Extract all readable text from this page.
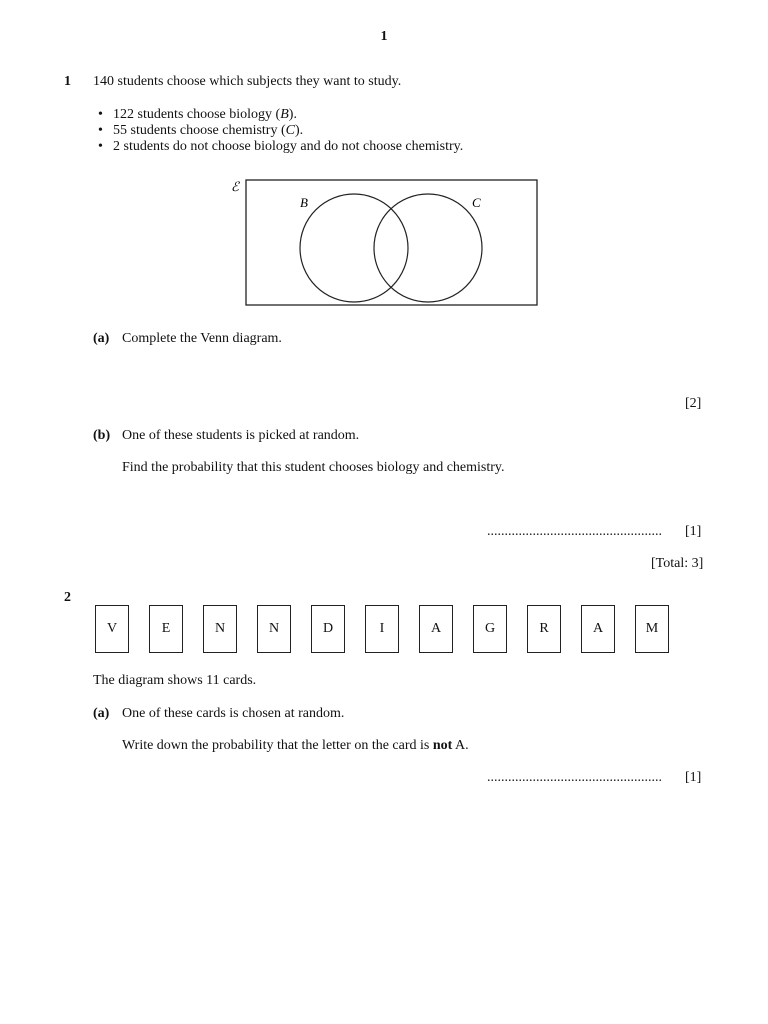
1
1 140 students choose which subjects they want to study.
• 122 students choose biology (B).
• 55 students choose chemistry (C).
• 2 students do not choose biology and do not choose chemistry.
ℰ
B	C
(a) Complete the Venn diagram.
[2]
(b) One of these students is picked at random.
Find the probability that this student chooses biology and chemistry.
.................................................. [1]
[Total: 3]
2
V	E	N	N	D	I	A	G	R	A	M
The diagram shows 11 cards.
(a) One of these cards is chosen at random.
Write down the probability that the letter on the card is not A.
.................................................. [1]
